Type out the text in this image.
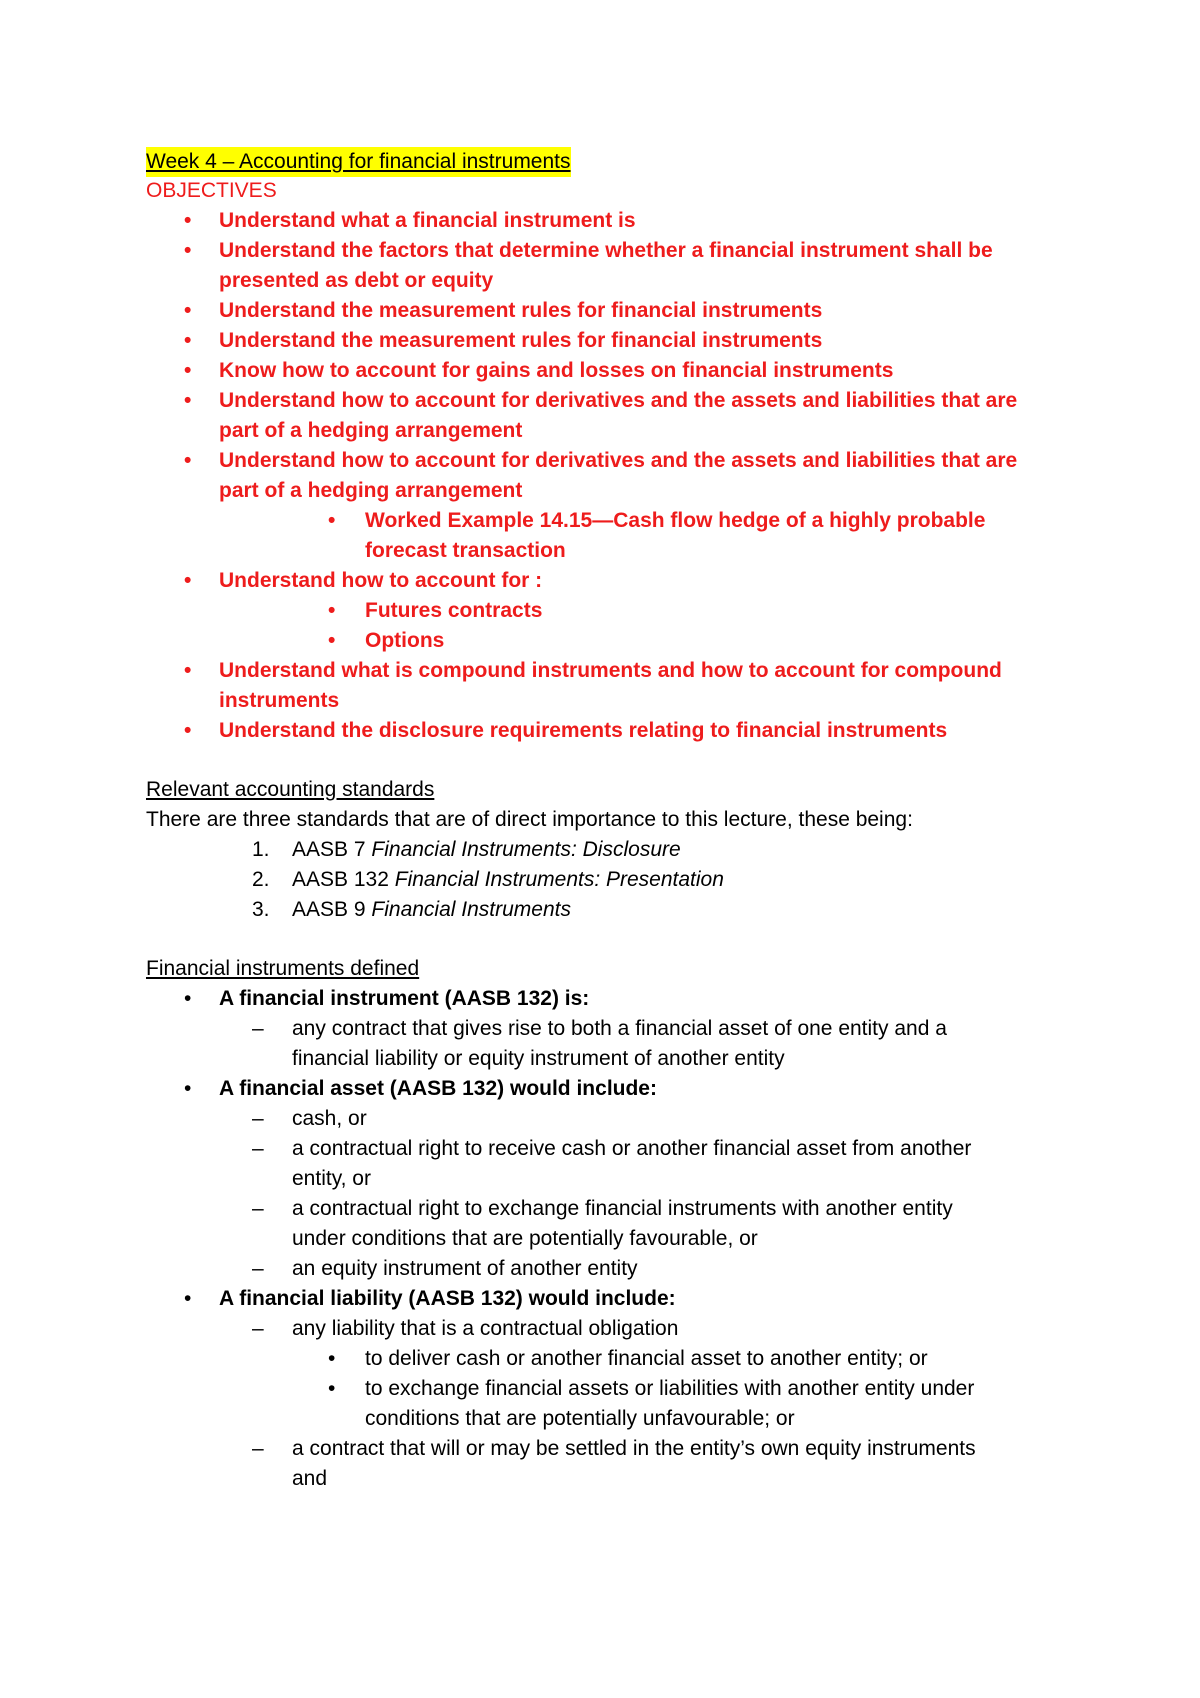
Week 4 – Accounting for financial instruments
OBJECTIVES
• Understand what a financial instrument is
• Understand the factors that determine whether a financial instrument shall be
presented as debt or equity
• Understand the measurement rules for financial instruments
• Understand the measurement rules for financial instruments
• Know how to account for gains and losses on financial instruments
• Understand how to account for derivatives and the assets and liabilities that are
part of a hedging arrangement
• Understand how to account for derivatives and the assets and liabilities that are
part of a hedging arrangement
• Worked Example 14.15—Cash flow hedge of a highly probable
forecast transaction
• Understand how to account for :
• Futures contracts
• Options
• Understand what is compound instruments and how to account for compound
instruments
• Understand the disclosure requirements relating to financial instruments
Relevant accounting standards
There are three standards that are of direct importance to this lecture, these being:
1. AASB 7 Financial Instruments: Disclosure
2. AASB 132 Financial Instruments: Presentation
3. AASB 9 Financial Instruments
Financial instruments defined
• A financial instrument (AASB 132) is:
– any contract that gives rise to both a financial asset of one entity and a
financial liability or equity instrument of another entity
• A financial asset (AASB 132) would include:
– cash, or
– a contractual right to receive cash or another financial asset from another
entity, or
– a contractual right to exchange financial instruments with another entity
under conditions that are potentially favourable, or
– an equity instrument of another entity
• A financial liability (AASB 132) would include:
– any liability that is a contractual obligation
• to deliver cash or another financial asset to another entity; or
• to exchange financial assets or liabilities with another entity under
conditions that are potentially unfavourable; or
– a contract that will or may be settled in the entity’s own equity instruments
and
